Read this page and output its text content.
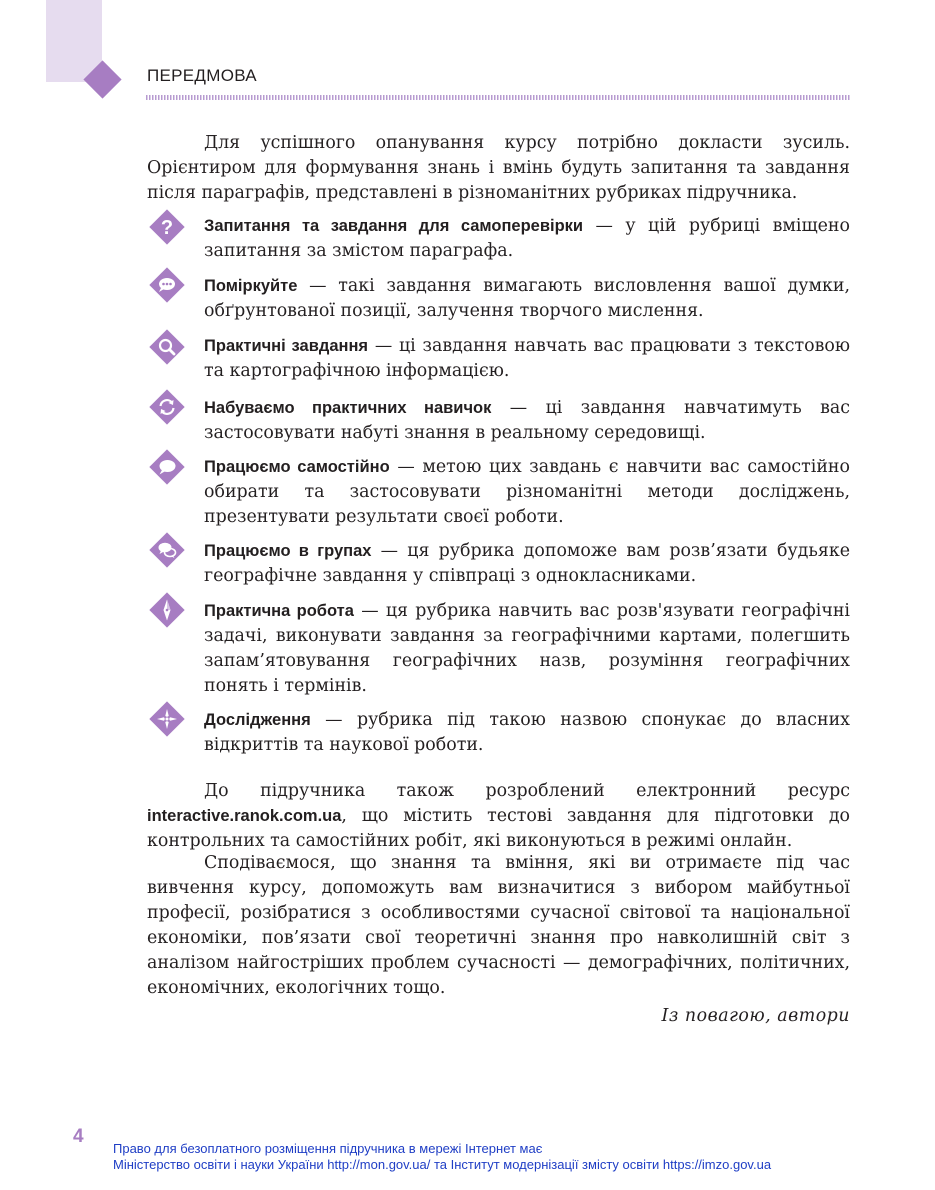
ПЕРЕДМОВА

Для успішного опанування курсу потрібно докласти зусиль. Орієнтиром для формування знань і вмінь будуть запитання та завдання після параграфів, представлені в різноманітних рубриках підручника.

? Запитання та завдання для самоперевірки — у цій рубриці вміщено запитання за змістом параграфа.

Поміркуйте — такі завдання вимагають висловлення вашої думки, обґрунтованої позиції, залучення творчого мислення.

Практичні завдання — ці завдання навчать вас працювати з текстовою та картографічною інформацією.

Набуваємо практичних навичок — ці завдання навчатимуть вас застосовувати набуті знання в реальному середовищі.

Працюємо самостійно — метою цих завдань є навчити вас самостійно обирати та застосовувати різноманітні методи досліджень, презентувати результати своєї роботи.

Працюємо в групах — ця рубрика допоможе вам розв’язати будьяке географічне завдання у співпраці з однокласниками.

Практична робота — ця рубрика навчить вас розв'язувати географічні задачі, виконувати завдання за географічними картами, полегшить запам’ятовування географічних назв, розуміння географічних понять і термінів.

Дослідження — рубрика під такою назвою спонукає до власних відкриттів та наукової роботи.

До підручника також розроблений електронний ресурс interactive.ranok.com.ua, що містить тестові завдання для підготовки до контрольних та самостійних робіт, які виконуються в режимі онлайн.

Сподіваємося, що знання та вміння, які ви отримаєте під час вивчення курсу, допоможуть вам визначитися з вибором майбутньої професії, розібратися з особливостями сучасної світової та національної економіки, пов’язати свої теоретичні знання про навколишній світ з аналізом найгостріших проблем сучасності — демографічних, політичних, економічних, екологічних тощо.

Із повагою, автори
4

Право для безоплатного розміщення підручника в мережі Інтернет має
Міністерство освіти і науки України http://mon.gov.ua/ та Інститут модернізації змісту освіти https://imzo.gov.ua
